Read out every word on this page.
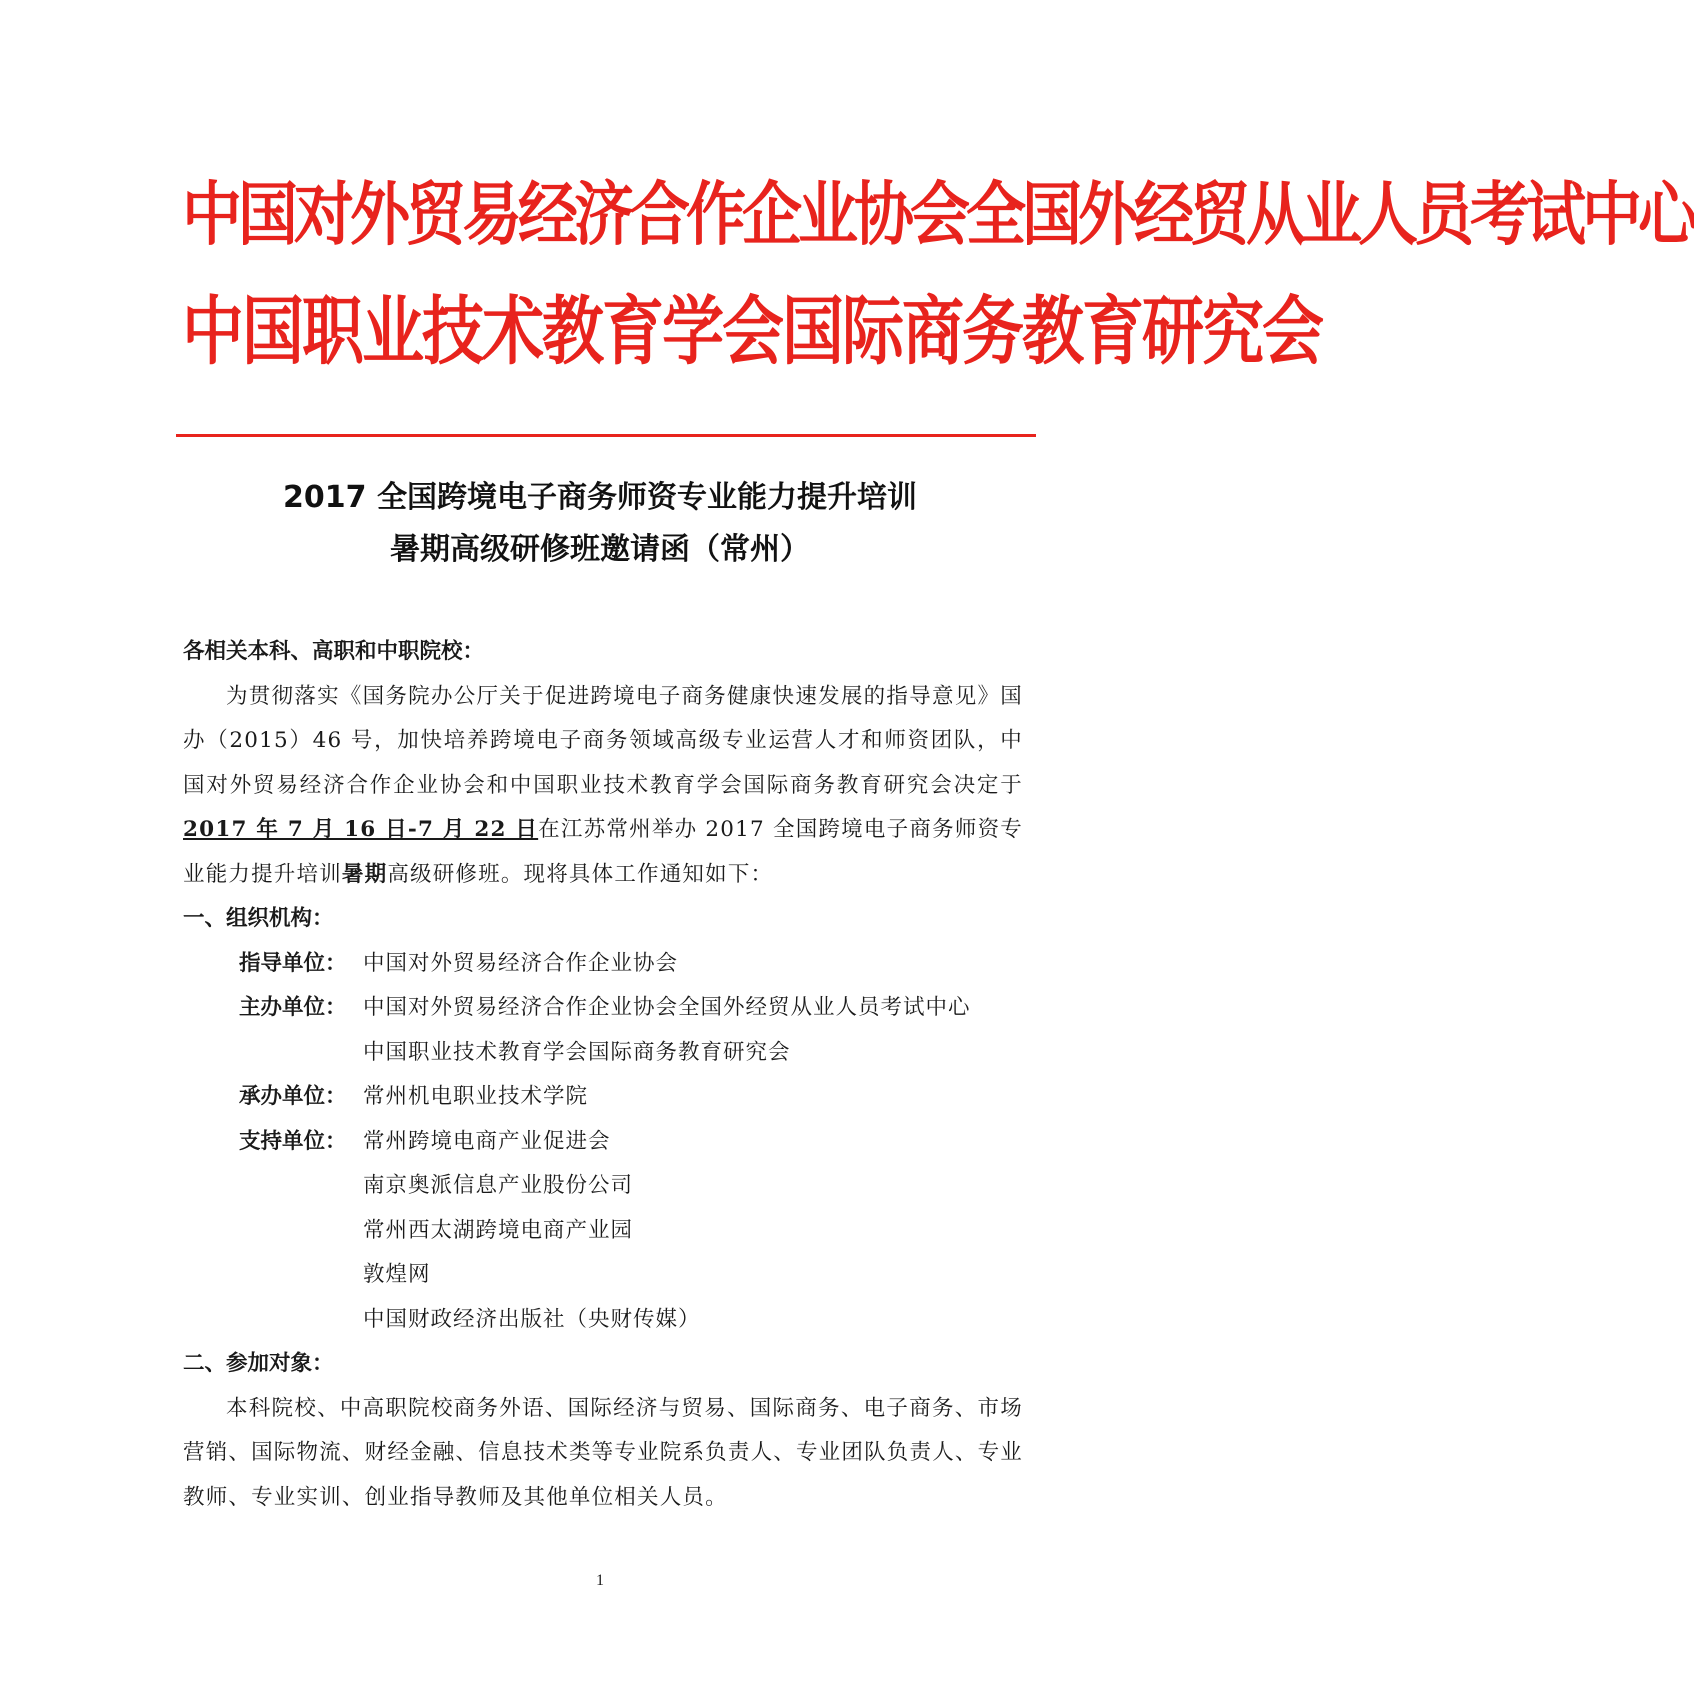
中国对外贸易经济合作企业协会全国外经贸从业人员考试中心
中国职业技术教育学会国际商务教育研究会
2017 全国跨境电子商务师资专业能力提升培训
暑期高级研修班邀请函（常州）

各相关本科、高职和中职院校：

为贯彻落实《国务院办公厅关于促进跨境电子商务健康快速发展的指导意见》国办（2015）46 号，加快培养跨境电子商务领域高级专业运营人才和师资团队，中国对外贸易经济合作企业协会和中国职业技术教育学会国际商务教育研究会决定于2017 年 7 月 16 日-7 月 22 日在江苏常州举办 2017 全国跨境电子商务师资专业能力提升培训暑期高级研修班。现将具体工作通知如下：

一、组织机构：

指导单位： 中国对外贸易经济合作企业协会
主办单位： 中国对外贸易经济合作企业协会全国外经贸从业人员考试中心
中国职业技术教育学会国际商务教育研究会
承办单位： 常州机电职业技术学院
支持单位： 常州跨境电商产业促进会
南京奥派信息产业股份公司
常州西太湖跨境电商产业园
敦煌网
中国财政经济出版社（央财传媒）

二、参加对象：

本科院校、中高职院校商务外语、国际经济与贸易、国际商务、电子商务、市场营销、国际物流、财经金融、信息技术类等专业院系负责人、专业团队负责人、专业教师、专业实训、创业指导教师及其他单位相关人员。

1
